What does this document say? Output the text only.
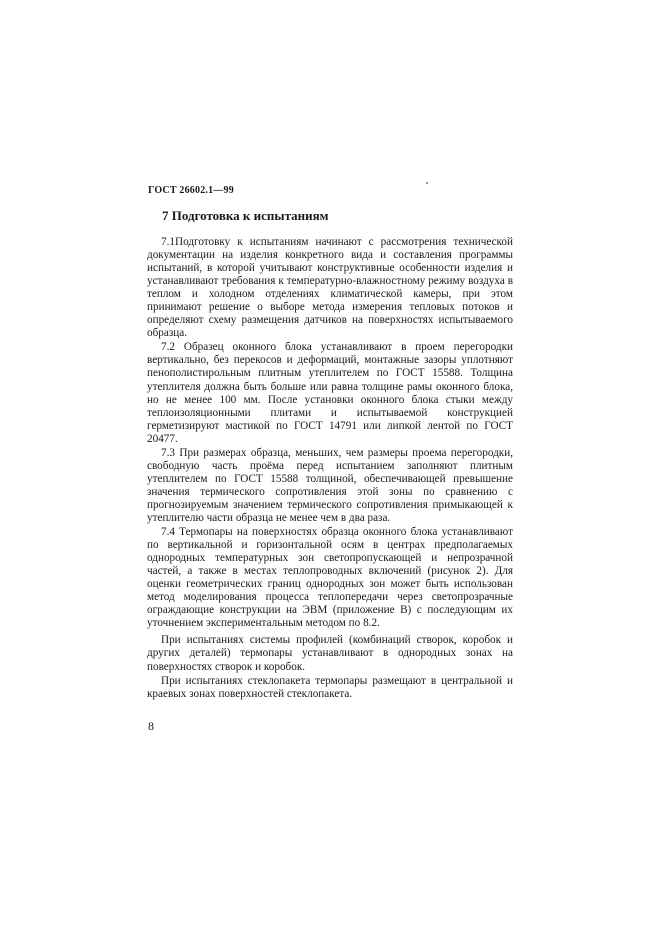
ГОСТ 26602.1—99
7 Подготовка к испытаниям

7.1Подготовку к испытаниям начинают с рассмотрения технической документации на изделия конкретного вида и составления программы испытаний, в которой учитывают конструктивные особенности изделия и устанавливают требования к температурно-влажностному режиму воздуха в теплом и холодном отделениях климатической камеры, при этом принимают решение о выборе метода измерения тепловых потоков и определяют схему размещения датчиков на поверхностях испытываемого образца.

7.2 Образец оконного блока устанавливают в проем перегородки вертикально, без перекосов и деформаций, монтажные зазоры уплотняют пенополистирольным плитным утеплителем по ГОСТ 15588. Толщина утеплителя должна быть больше или равна толщине рамы оконного блока, но не менее 100 мм. После установки оконного блока стыки между теплоизоляционными плитами и испытываемой конструкцией герметизируют мастикой по ГОСТ 14791 или липкой лентой по ГОСТ 20477.

7.3 При размерах образца, меньших, чем размеры проема перегородки, свободную часть проёма перед испытанием заполняют плитным утеплителем по ГОСТ 15588 толщиной, обеспечивающей превышение значения термического сопротивления этой зоны по сравнению с прогнозируемым значением термического сопротивления примыкающей к утеплителю части образца не менее чем в два раза.

7.4 Термопары на поверхностях образца оконного блока устанавливают по вертикальной и горизонтальной осям в центрах предполагаемых однородных температурных зон светопропускающей и непрозрачной частей, а также в местах теплопроводных включений (рисунок 2). Для оценки геометрических границ однородных зон может быть использован метод моделирования процесса теплопередачи через светопрозрачные ограждающие конструкции на ЭВМ (приложение В) с последующим их уточнением экспериментальным методом по 8.2.

При испытаниях системы профилей (комбинаций створок, коробок и других деталей) термопары устанавливают в однородных зонах на поверхностях створок и коробок.

При испытаниях стеклопакета термопары размещают в центральной и краевых зонах поверхностей стеклопакета.

8
